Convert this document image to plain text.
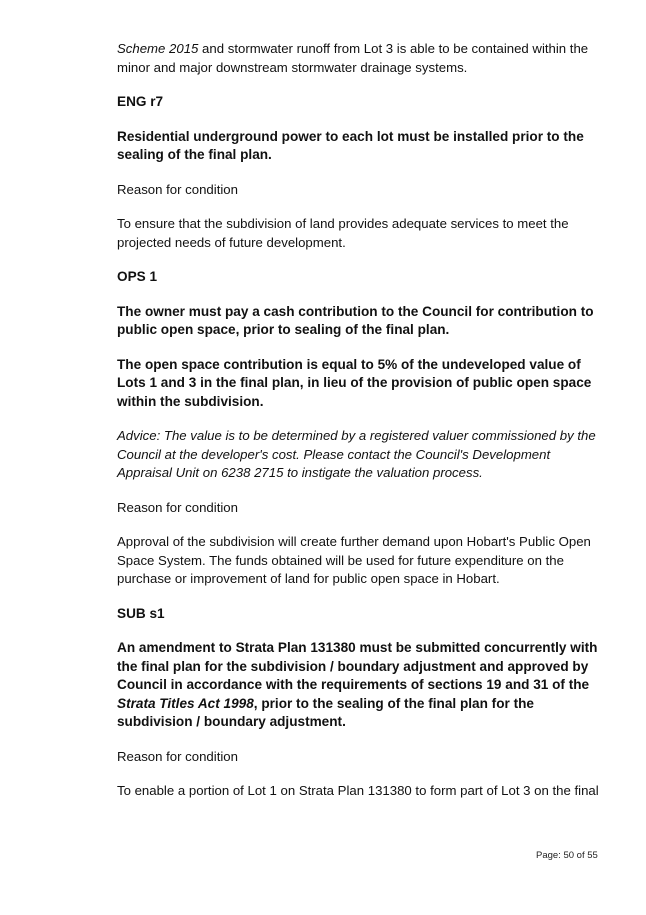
Scheme 2015 and stormwater runoff from Lot 3 is able to be contained within the minor and major downstream stormwater drainage systems.

ENG r7

Residential underground power to each lot must be installed prior to the sealing of the final plan.

Reason for condition

To ensure that the subdivision of land provides adequate services to meet the projected needs of future development.

OPS 1

The owner must pay a cash contribution to the Council for contribution to public open space, prior to sealing of the final plan.

The open space contribution is equal to 5% of the undeveloped value of Lots 1 and 3 in the final plan, in lieu of the provision of public open space within the subdivision.

Advice: The value is to be determined by a registered valuer commissioned by the Council at the developer's cost. Please contact the Council's Development Appraisal Unit on 6238 2715 to instigate the valuation process.

Reason for condition

Approval of the subdivision will create further demand upon Hobart's Public Open Space System. The funds obtained will be used for future expenditure on the purchase or improvement of land for public open space in Hobart.

SUB s1

An amendment to Strata Plan 131380 must be submitted concurrently with the final plan for the subdivision / boundary adjustment and approved by Council in accordance with the requirements of sections 19 and 31 of the Strata Titles Act 1998, prior to the sealing of the final plan for the subdivision / boundary adjustment.

Reason for condition

To enable a portion of Lot 1 on Strata Plan 131380 to form part of Lot 3 on the final

Page: 50 of 55
